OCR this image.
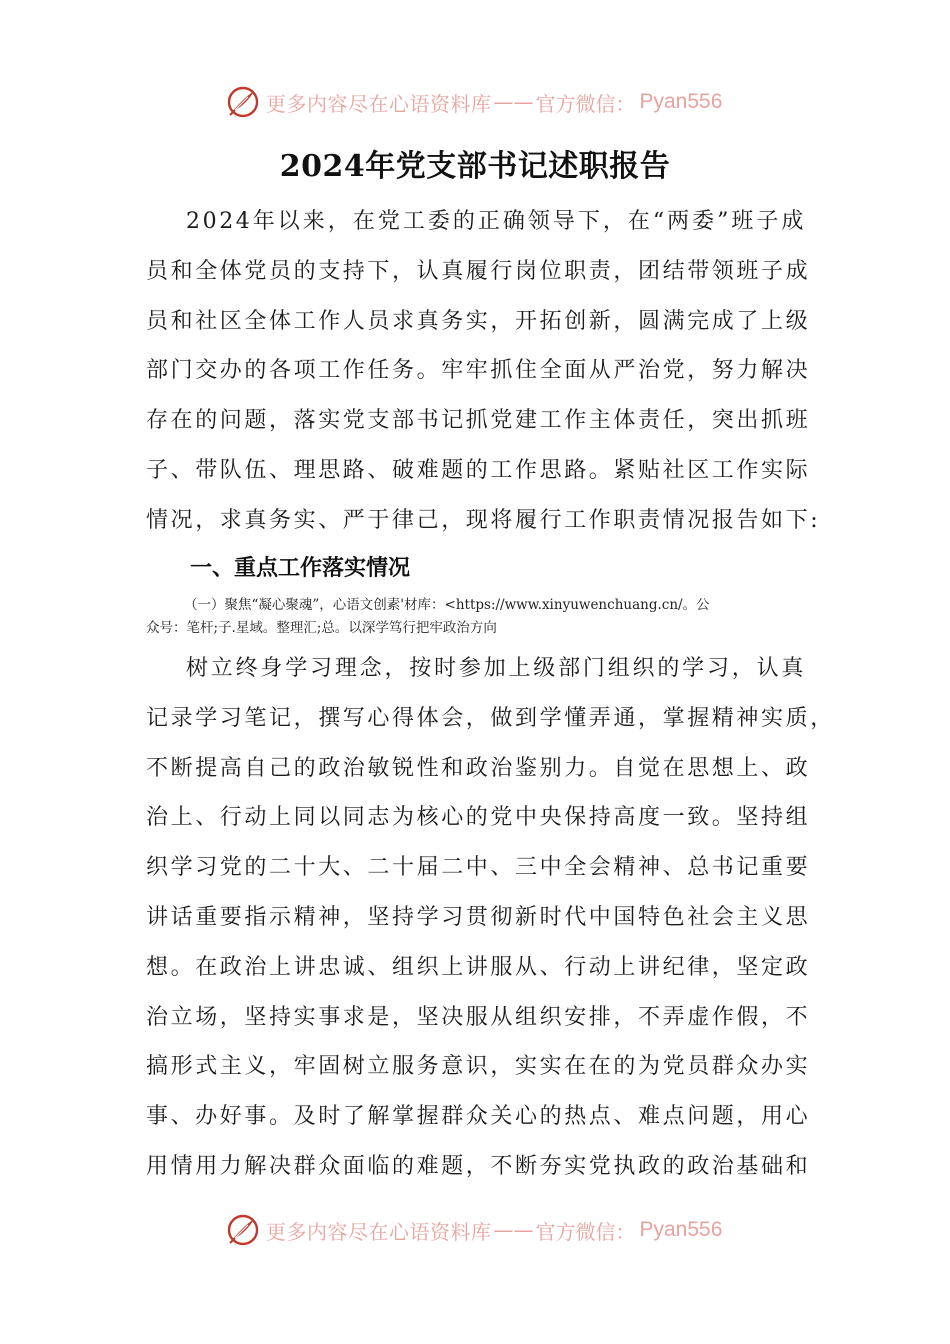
更多内容尽在心语资料库 —— 官方微信： Pyan556
2024年党支部书记述职报告
2024年以来，在党工委的正确领导下，在“两委”班子成
员和全体党员的支持下，认真履行岗位职责，团结带领班子成
员和社区全体工作人员求真务实，开拓创新，圆满完成了上级
部门交办的各项工作任务。牢牢抓住全面从严治党，努力解决
存在的问题，落实党支部书记抓党建工作主体责任，突出抓班
子、带队伍、理思路、破难题的工作思路。紧贴社区工作实际
情况，求真务实、严于律己，现将履行工作职责情况报告如下:
一、重点工作落实情况
（一）聚焦“凝心聚魂”，心语文创素'材库：<https://www.xinyuwenchuang.cn/。公
众号：笔杆;子.星域。整理汇;总。以深学笃行把牢政治方向
树立终身学习理念，按时参加上级部门组织的学习，认真
记录学习笔记，撰写心得体会，做到学懂弄通，掌握精神实质，
不断提高自己的政治敏锐性和政治鉴别力。自觉在思想上、政
治上、行动上同以同志为核心的党中央保持高度一致。坚持组
织学习党的二十大、二十届二中、三中全会精神、总书记重要
讲话重要指示精神，坚持学习贯彻新时代中国特色社会主义思
想。在政治上讲忠诚、组织上讲服从、行动上讲纪律，坚定政
治立场，坚持实事求是，坚决服从组织安排，不弄虚作假，不
搞形式主义，牢固树立服务意识，实实在在的为党员群众办实
事、办好事。及时了解掌握群众关心的热点、难点问题，用心
用情用力解决群众面临的难题，不断夯实党执政的政治基础和
更多内容尽在心语资料库 —— 官方微信： Pyan556
